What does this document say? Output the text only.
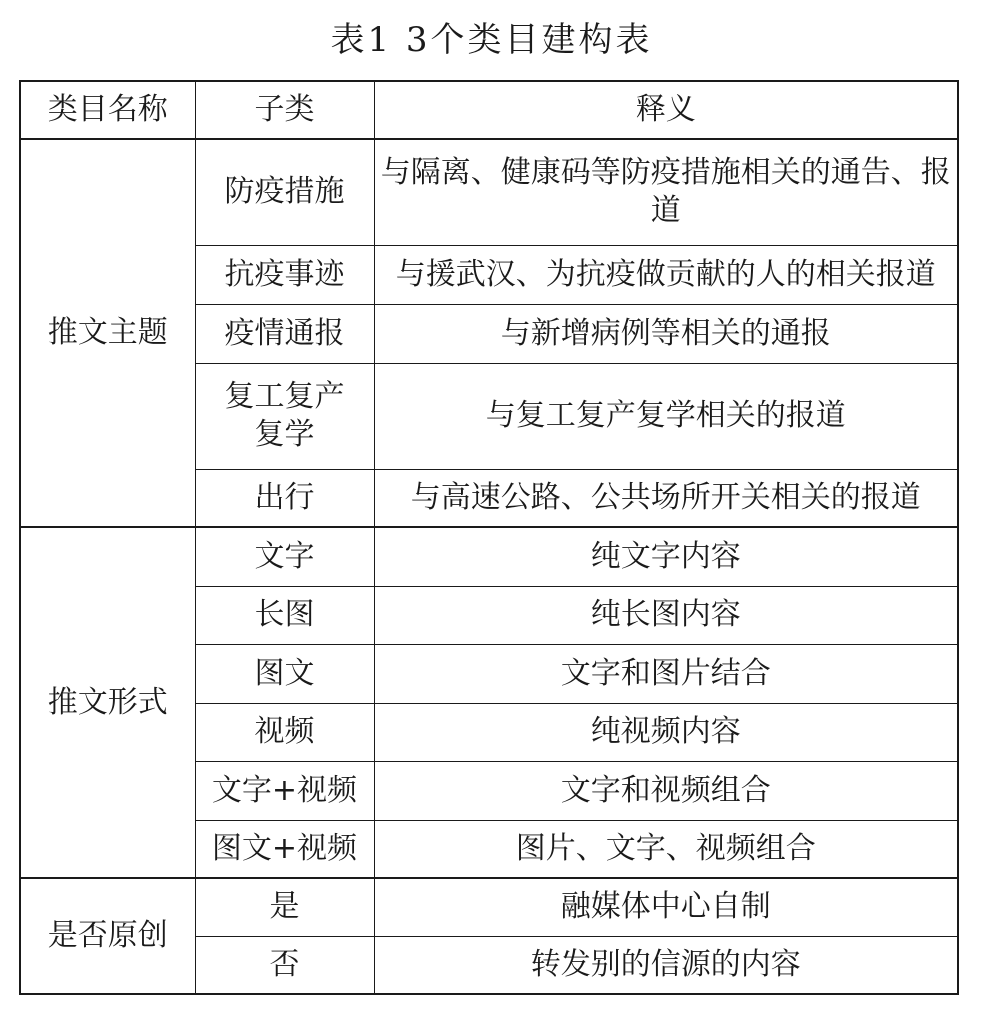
表1 3个类目建构表
类目名称	子类	释义
推文主题	防疫措施	与隔离、健康码等防疫措施相关的通告、报道
	抗疫事迹	与援武汉、为抗疫做贡献的人的相关报道
	疫情通报	与新增病例等相关的通报
	复工复产复学	与复工复产复学相关的报道
	出行	与高速公路、公共场所开关相关的报道
推文形式	文字	纯文字内容
	长图	纯长图内容
	图文	文字和图片结合
	视频	纯视频内容
	文字+视频	文字和视频组合
	图文+视频	图片、文字、视频组合
是否原创	是	融媒体中心自制
	否	转发别的信源的内容
